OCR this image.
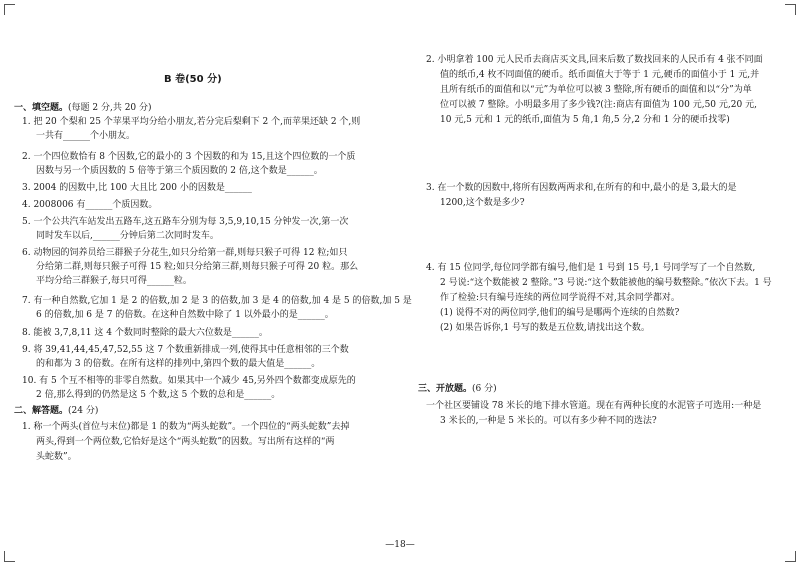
B 卷(50 分)
一、填空题。(每题 2 分,共 20 分)
1. 把 20 个梨和 25 个苹果平均分给小朋友,若分完后梨剩下 2 个,而苹果还缺 2 个,则
一共有______个小朋友。
2. 一个四位数恰有 8 个因数,它的最小的 3 个因数的和为 15,且这个四位数的一个质
因数与另一个质因数的 5 倍等于第三个质因数的 2 倍,这个数是______。
3. 2004 的因数中,比 100 大且比 200 小的因数是______
4. 2008006 有______个质因数。
5. 一个公共汽车站发出五路车,这五路车分别为每 3,5,9,10,15 分钟发一次,第一次
同时发车以后,______分钟后第二次同时发车。
6. 动物园的饲养员给三群猴子分花生,如只分给第一群,则每只猴子可得 12 粒;如只
分给第二群,则每只猴子可得 15 粒;如只分给第三群,则每只猴子可得 20 粒。那么
平均分给三群猴子,每只可得______粒。
7. 有一种自然数,它加 1 是 2 的倍数,加 2 是 3 的倍数,加 3 是 4 的倍数,加 4 是 5 的倍数,加 5 是
6 的倍数,加 6 是 7 的倍数。在这种自然数中除了 1 以外最小的是______。
8. 能被 3,7,8,11 这 4 个数同时整除的最大六位数是______。
9. 将 39,41,44,45,47,52,55 这 7 个数重新排成一列,使得其中任意相邻的三个数
的和都为 3 的倍数。在所有这样的排列中,第四个数的最大值是______。
10. 有 5 个互不相等的非零自然数。如果其中一个减少 45,另外四个数都变成原先的
2 倍,那么得到的仍然是这 5 个数,这 5 个数的总和是______。
二、解答题。(24 分)
1. 称一个两头(首位与末位)都是 1 的数为“两头蛇数”。一个四位的“两头蛇数”去掉
两头,得到一个两位数,它恰好是这个“两头蛇数”的因数。写出所有这样的“两
头蛇数”。
2. 小明拿着 100 元人民币去商店买文具,回来后数了数找回来的人民币有 4 张不同面
值的纸币,4 枚不同面值的硬币。纸币面值大于等于 1 元,硬币的面值小于 1 元,并
且所有纸币的面值和以“元”为单位可以被 3 整除,所有硬币的面值和以“分”为单
位可以被 7 整除。小明最多用了多少钱?(注:商店有面值为 100 元,50 元,20 元,
10 元,5 元和 1 元的纸币,面值为 5 角,1 角,5 分,2 分和 1 分的硬币找零)
3. 在一个数的因数中,将所有因数两两求和,在所有的和中,最小的是 3,最大的是
1200,这个数是多少?
4. 有 15 位同学,每位同学都有编号,他们是 1 号到 15 号,1 号同学写了一个自然数,
2 号说:“这个数能被 2 整除。”3 号说:“这个数能被他的编号数整除。”依次下去。1 号
作了检验:只有编号连续的两位同学说得不对,其余同学都对。
(1) 说得不对的两位同学,他们的编号是哪两个连续的自然数?
(2) 如果告诉你,1 号写的数是五位数,请找出这个数。
三、开放题。(6 分)
一个社区要铺设 78 米长的地下排水管道。现在有两种长度的水泥管子可选用:一种是
3 米长的,一种是 5 米长的。可以有多少种不同的选法?
—18—
